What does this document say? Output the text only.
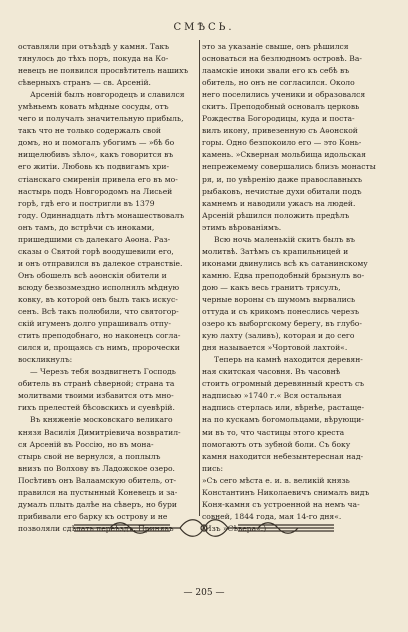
СМѢСЬ.
оставляли при отъѣздѣ у камня. Такъ
тянулось до тѣхъ поръ, покуда на Ко-
невецъ не появился просвѣтитель нашихъ
сѣверныхъ странъ — св. Арсеній.
Арсеній былъ новгородецъ и славился
умѣньемъ ковать мѣдные сосуды, отъ
чего и получалъ значительную прибыль,
такъ что не только содержалъ свой
домъ, но и помогалъ убогимъ — »бѣ бо
нищелюбивъ зѣло«, какъ говорится въ
его житіи. Любовь къ подвигамъ хри-
стіанскаго смиренія привела его въ мо-
настырь подъ Новгородомъ на Лисьей
горѣ, гдѣ его и постригли въ 1379
году. Одиннадцать лѣтъ монашествовалъ
онъ тамъ, до встрѣчи съ иноками,
пришедшими съ далекаго Аѳона. Раз-
сказы о Святой горѣ воодушевили его,
и онъ отправился въ далекое странствіе.
Онъ обошелъ всѣ аѳонскія обители и
всюду безвозмездно исполнялъ мѣдную
ковку, въ которой онъ былъ такъ искус-
сенъ. Всѣ такъ полюбили, что святогор-
скій игуменъ долго упрашивалъ отпу-
стить преподобнаго, но наконецъ согла-
сился и, прощаясь съ нимъ, пророчески
воскликнулъ:
— Черезъ тебя воздвигнетъ Господь
обитель въ странѣ сѣверной; страна та
молитвами твоими избавится отъ мно-
гихъ прелестей бѣсовскихъ и суевѣрій.
Въ княженіе московскаго великаго
князя Василія Димитріевича возвратил-
ся Арсеній въ Россію, но въ мона-
стырь свой не вернулся, а поплылъ
внизъ по Волхову въ Ладожское озеро.
Посѣтивъ онъ Валаамскую обитель, от-
правился на пустынный Коневецъ и за-
думалъ плыть далѣе на сѣверъ, но бури
прибивали его барку къ острову и не
позволяли сдѣлать переѣздъ. Принявъ
это за указаніе свыше, онъ рѣшился
основаться на безлюдномъ островѣ. Ва-
лаамскіе иноки звали его къ себѣ въ
обитель, но онъ не согласился. Около
него поселились ученики и образовался
скитъ. Преподобный основалъ церковь
Рождества Богородицы, куда и постa-
вилъ икону, привезенную съ Аѳонской
горы. Одно безпокоило его — это Конь-
камень. »Скверная мольбища идольская
непрежемему совершались близъ монасты
ря, и, по увѣренію даже православныхъ
рыбаковъ, нечистые духи обитали подъ
камнемъ и наводили ужасъ на людей.
Арсеній рѣшился положить предѣлъ
этимъ вѣрованіямъ.
Всю ночь маленькій скитъ былъ въ
молитвѣ. Затѣмъ съ крапильницей и
иконами двинулись всѣ къ сатанинскому
камню. Едва преподобный брызнулъ во-
дою — какъ весь гранитъ трясулъ,
черные вороны съ шумомъ вырвались
оттуда и съ крикомъ понеслись черезъ
озеро къ выборгскому берегу, въ глубо-
кую лахту (заливъ), которая и до сего
дня называется »Чортовой лахтой«.
Теперь на камнѣ находится деревян-
ная скитская часовня. Въ часовнѣ
стоитъ огромный деревянный крестъ съ
надписью »1740 г.« Вся остальная
надпись стерлась или, вѣрнѣе, растаще-
на по кускамъ богомольцами, вѣрующи-
ми въ то, что частицы этого креста
помогаютъ отъ зубной боли. Съ боку
камня находится небезынтересная над-
пись:
»Съ сего мѣста е. и. в. великій князь
Константинъ Николаевичъ снималъ видъ
Коня-камня съ устроенной на немъ ча-
совней, 1844 года, мая 14-го дня«.
(Изъ »Сѣвера«.)
— 205 —
